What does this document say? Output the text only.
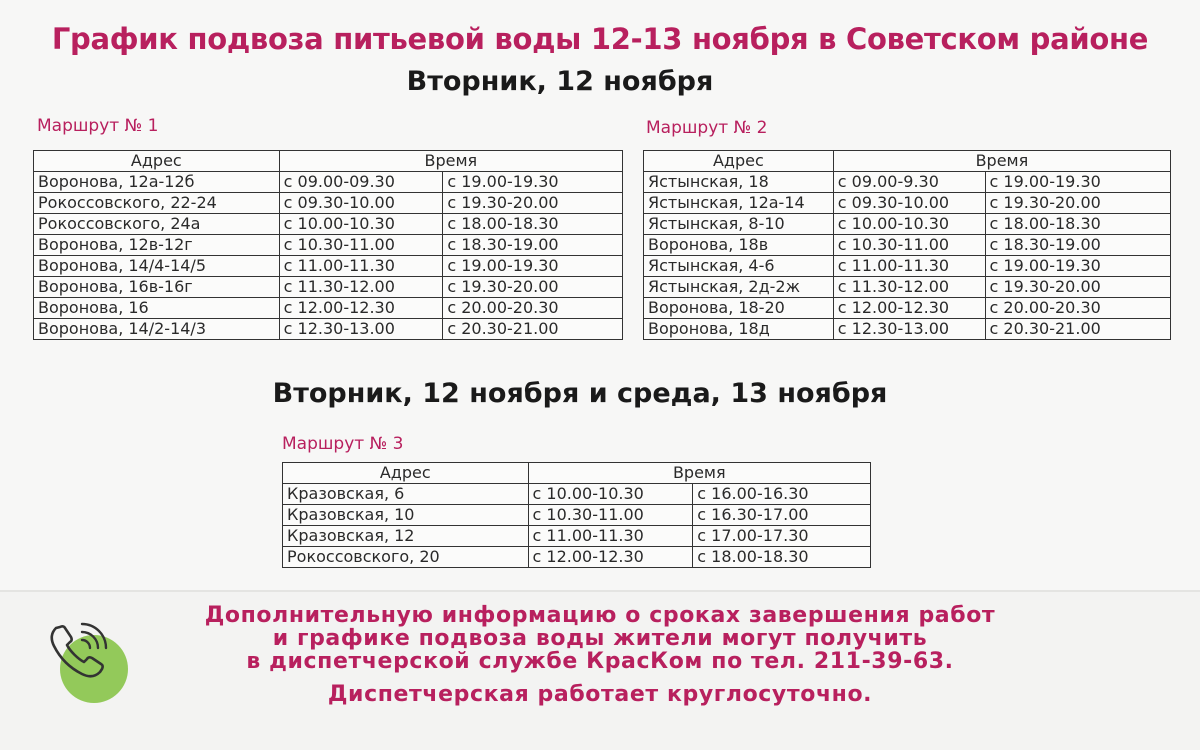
График подвоза питьевой воды 12-13 ноября в Советском районе
Вторник, 12 ноября
Маршрут № 1
Адрес	Время	
Воронова, 12а-12б	с 09.00-09.30	с 19.00-19.30
Рокоссовского, 22-24	с 09.30-10.00	с 19.30-20.00
Рокоссовского, 24а	с 10.00-10.30	с 18.00-18.30
Воронова, 12в-12г	с 10.30-11.00	с 18.30-19.00
Воронова, 14/4-14/5	с 11.00-11.30	с 19.00-19.30
Воронова, 16в-16г	с 11.30-12.00	с 19.30-20.00
Воронова, 16	с 12.00-12.30	с 20.00-20.30
Воронова, 14/2-14/3	с 12.30-13.00	с 20.30-21.00
Маршрут № 2
Адрес	Время	
Ястынская, 18	с 09.00-9.30	с 19.00-19.30
Ястынская, 12а-14	с 09.30-10.00	с 19.30-20.00
Ястынская, 8-10	с 10.00-10.30	с 18.00-18.30
Воронова, 18в	с 10.30-11.00	с 18.30-19.00
Ястынская, 4-6	с 11.00-11.30	с 19.00-19.30
Ястынская, 2д-2ж	с 11.30-12.00	с 19.30-20.00
Воронова, 18-20	с 12.00-12.30	с 20.00-20.30
Воронова, 18д	с 12.30-13.00	с 20.30-21.00
Вторник, 12 ноября и среда, 13 ноября
Маршрут № 3
Адрес	Время	
Кразовская, 6	с 10.00-10.30	с 16.00-16.30
Кразовская, 10	с 10.30-11.00	с 16.30-17.00
Кразовская, 12	с 11.00-11.30	с 17.00-17.30
Рокоссовского, 20	с 12.00-12.30	с 18.00-18.30
Дополнительную информацию о сроках завершения работ
и графике подвоза воды жители могут получить
в диспетчерской службе КрасКом по тел. 211-39-63.
Диспетчерская работает круглосуточно.
